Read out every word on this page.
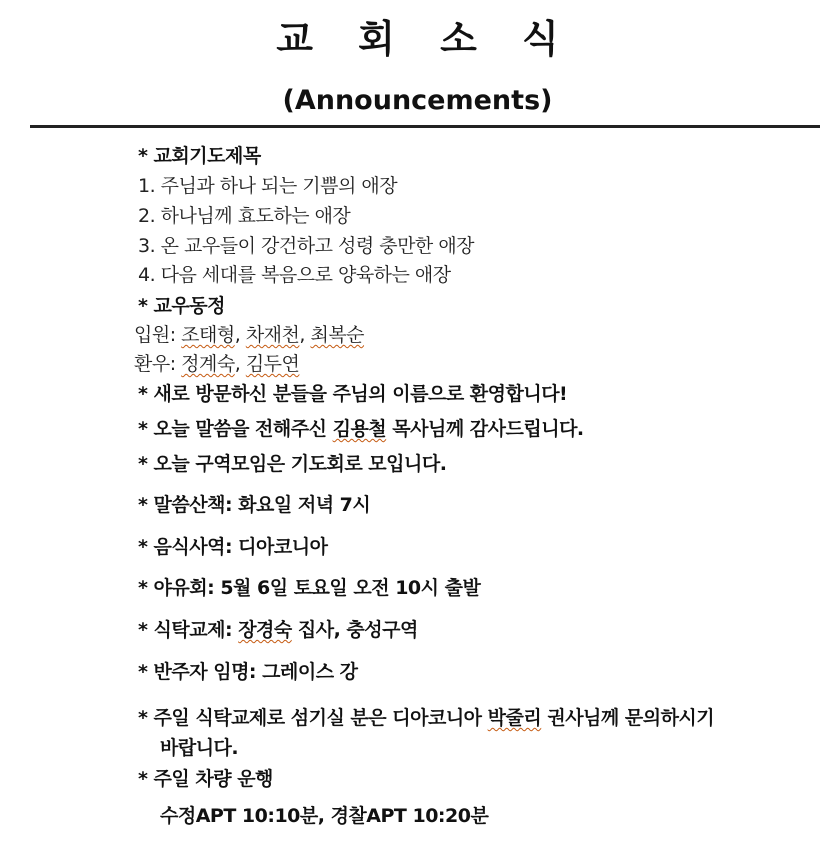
교 회 소 식
(Announcements)
* 교회기도제목
1. 주님과 하나 되는 기쁨의 애장
2. 하나님께 효도하는 애장
3. 온 교우들이 강건하고 성령 충만한 애장
4. 다음 세대를 복음으로 양육하는 애장
* 교우동정
입원: 조태형, 차재천, 최복순
환우: 정계숙, 김두연
* 새로 방문하신 분들을 주님의 이름으로 환영합니다!
* 오늘 말씀을 전해주신 김용철 목사님께 감사드립니다.
* 오늘 구역모임은 기도회로 모입니다.
* 말씀산책: 화요일 저녁 7시
* 음식사역: 디아코니아
* 야유회: 5월 6일 토요일 오전 10시 출발
* 식탁교제: 장경숙 집사, 충성구역
* 반주자 임명: 그레이스 강
* 주일 식탁교제로 섬기실 분은 디아코니아 박줄리 권사님께 문의하시기
바랍니다.
* 주일 차량 운행
수정APT 10:10분, 경찰APT 10:20분
